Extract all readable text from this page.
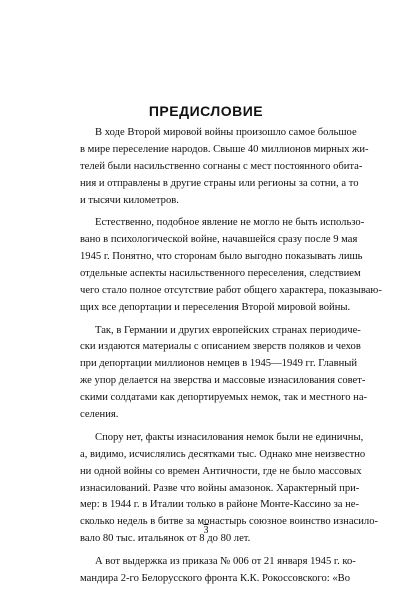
ПРЕДИСЛОВИЕ
В ходе Второй мировой войны произошло самое большое
в мире переселение народов. Свыше 40 миллионов мирных жи-
телей были насильственно согнаны с мест постоянного обита-
ния и отправлены в другие страны или регионы за сотни, а то
и тысячи километров.
Естественно, подобное явление не могло не быть использо-
вано в психологической войне, начавшейся сразу после 9 мая
1945 г. Понятно, что сторонам было выгодно показывать лишь
отдельные аспекты насильственного переселения, следствием
чего стало полное отсутствие работ общего характера, показываю-
щих все депортации и переселения Второй мировой войны.
Так, в Германии и других европейских странах периодиче-
ски издаются материалы с описанием зверств поляков и чехов
при депортации миллионов немцев в 1945—1949 гг. Главный
же упор делается на зверства и массовые изнасилования совет-
скими солдатами как депортируемых немок, так и местного на-
селения.
Спору нет, факты изнасилования немок были не единичны,
а, видимо, исчислялись десятками тыс. Однако мне неизвестно
ни одной войны со времен Античности, где не было массовых
изнасилований. Разве что войны амазонок. Характерный при-
мер: в 1944 г. в Италии только в районе Монте-Кассино за не-
сколько недель в битве за монастырь союзное воинство изнасило-
вало 80 тыс. итальянок от 8 до 80 лет.
А вот выдержка из приказа № 006 от 21 января 1945 г. ко-
мандира 2-го Белорусского фронта К.К. Рокоссовского: «Во
3
